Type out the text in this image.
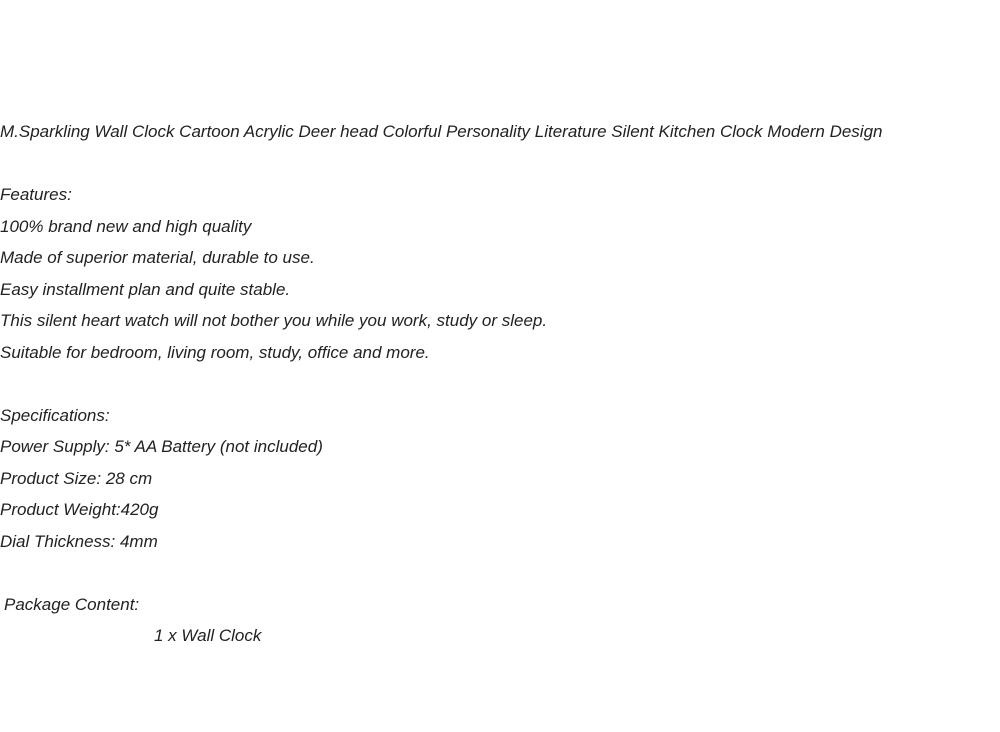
M.Sparkling Wall Clock Cartoon Acrylic Deer head Colorful Personality Literature Silent Kitchen Clock Modern Design
Features:
100% brand new and high quality
Made of superior material, durable to use.
Easy installment plan and quite stable.
This silent heart watch will not bother you while you work, study or sleep.
Suitable for bedroom, living room, study, office and more.
Specifications:
Power Supply: 5* AA Battery (not included)
Product Size: 28 cm
Product Weight:420g
Dial Thickness: 4mm
Package Content:
1 x Wall Clock
